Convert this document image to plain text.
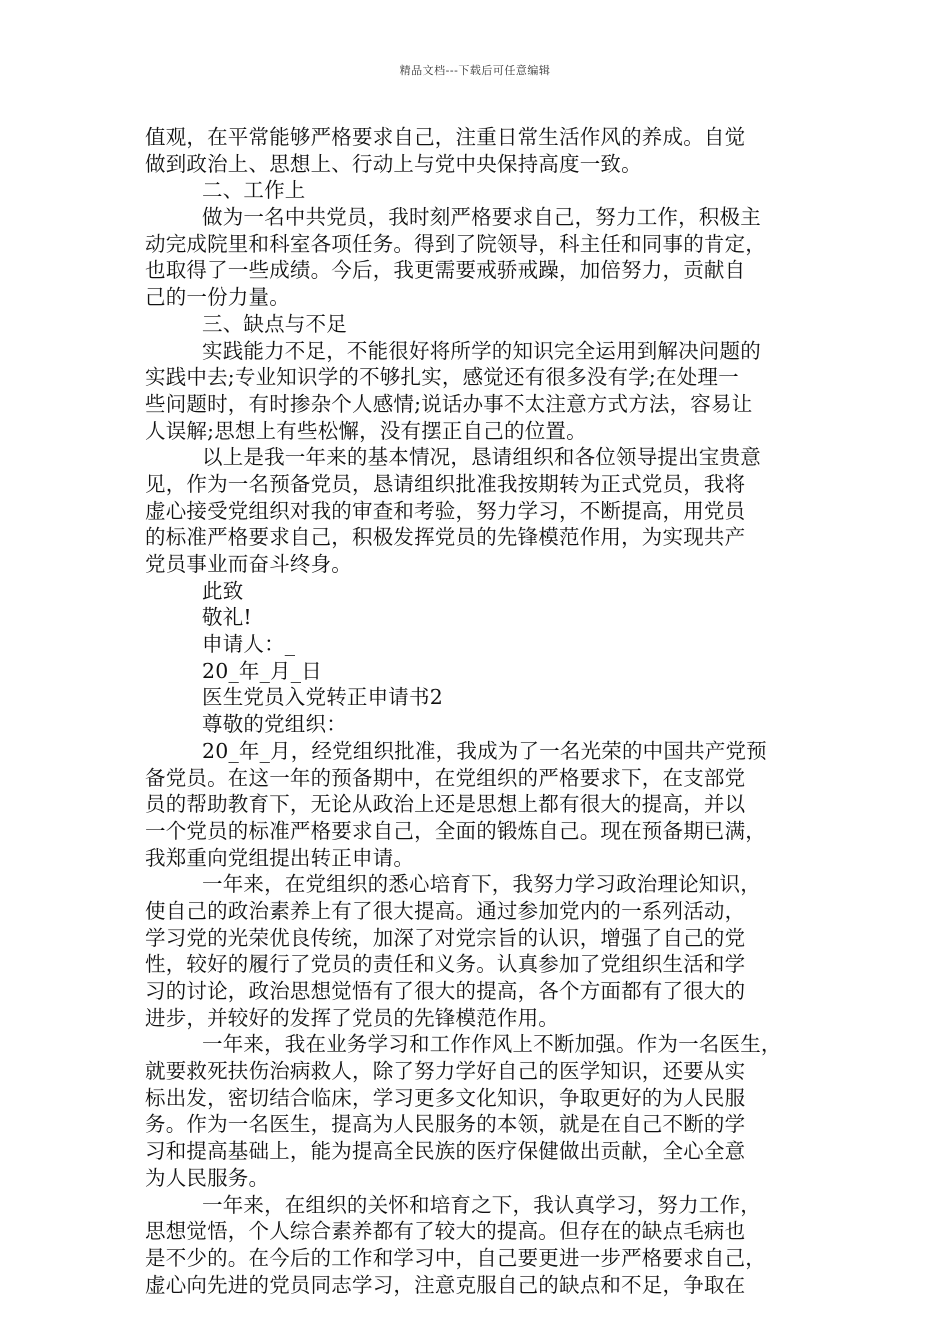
精品文档---下载后可任意编辑
值观，在平常能够严格要求自己，注重日常生活作风的养成。自觉
做到政治上、思想上、行动上与党中央保持高度一致。
二、工作上
做为一名中共党员，我时刻严格要求自己，努力工作，积极主
动完成院里和科室各项任务。得到了院领导，科主任和同事的肯定，
也取得了一些成绩。今后，我更需要戒骄戒躁，加倍努力，贡献自
己的一份力量。
三、缺点与不足
实践能力不足，不能很好将所学的知识完全运用到解决问题的
实践中去;专业知识学的不够扎实，感觉还有很多没有学;在处理一
些问题时，有时掺杂个人感情;说话办事不太注意方式方法，容易让
人误解;思想上有些松懈，没有摆正自己的位置。
以上是我一年来的基本情况，恳请组织和各位领导提出宝贵意
见，作为一名预备党员，恳请组织批准我按期转为正式党员，我将
虚心接受党组织对我的审查和考验，努力学习，不断提高，用党员
的标准严格要求自己，积极发挥党员的先锋模范作用，为实现共产
党员事业而奋斗终身。
此致
敬礼!
申请人：_
20_年_月_日
医生党员入党转正申请书2
尊敬的党组织：
20_年_月，经党组织批准，我成为了一名光荣的中国共产党预
备党员。在这一年的预备期中，在党组织的严格要求下，在支部党
员的帮助教育下，无论从政治上还是思想上都有很大的提高，并以
一个党员的标准严格要求自己，全面的锻炼自己。现在预备期已满，
我郑重向党组提出转正申请。
一年来，在党组织的悉心培育下，我努力学习政治理论知识，
使自己的政治素养上有了很大提高。通过参加党内的一系列活动，
学习党的光荣优良传统，加深了对党宗旨的认识，增强了自己的党
性，较好的履行了党员的责任和义务。认真参加了党组织生活和学
习的讨论，政治思想觉悟有了很大的提高，各个方面都有了很大的
进步，并较好的发挥了党员的先锋模范作用。
一年来，我在业务学习和工作作风上不断加强。作为一名医生，
就要救死扶伤治病救人，除了努力学好自己的医学知识，还要从实
标出发，密切结合临床，学习更多文化知识，争取更好的为人民服
务。作为一名医生，提高为人民服务的本领，就是在自己不断的学
习和提高基础上，能为提高全民族的医疗保健做出贡献，全心全意
为人民服务。
一年来，在组织的关怀和培育之下，我认真学习，努力工作，
思想觉悟，个人综合素养都有了较大的提高。但存在的缺点毛病也
是不少的。在今后的工作和学习中，自己要更进一步严格要求自己，
虚心向先进的党员同志学习，注意克服自己的缺点和不足，争取在
